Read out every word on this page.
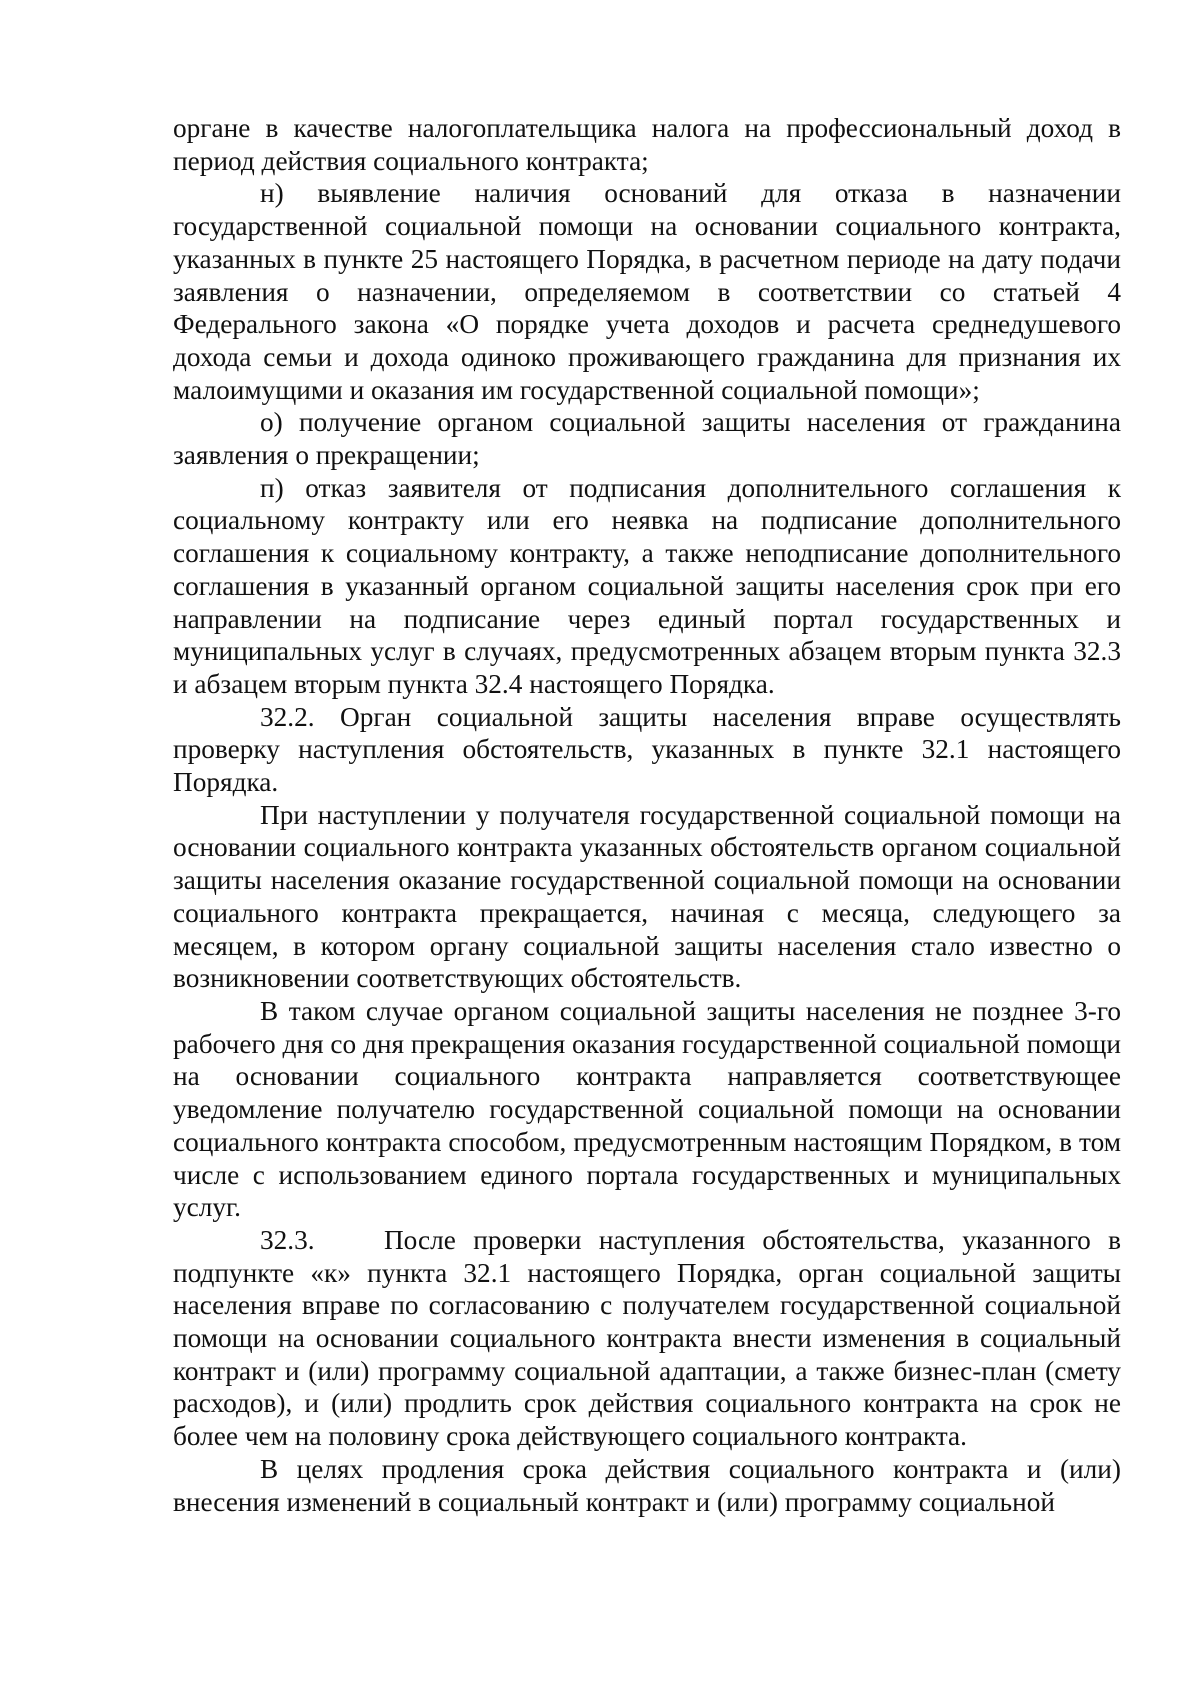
органе в качестве налогоплательщика налога на профессиональный доход в период действия социального контракта;

н) выявление наличия оснований для отказа в назначении государственной социальной помощи на основании социального контракта, указанных в пункте 25 настоящего Порядка, в расчетном периоде на дату подачи заявления о назначении, определяемом в соответствии со статьей 4 Федерального закона «О порядке учета доходов и расчета среднедушевого дохода семьи и дохода одиноко проживающего гражданина для признания их малоимущими и оказания им государственной социальной помощи»;

о) получение органом социальной защиты населения от гражданина заявления о прекращении;

п) отказ заявителя от подписания дополнительного соглашения к социальному контракту или его неявка на подписание дополнительного соглашения к социальному контракту, а также неподписание дополнительного соглашения в указанный органом социальной защиты населения срок при его направлении на подписание через единый портал государственных и муниципальных услуг в случаях, предусмотренных абзацем вторым пункта 32.3 и абзацем вторым пункта 32.4 настоящего Порядка.

32.2. Орган социальной защиты населения вправе осуществлять проверку наступления обстоятельств, указанных в пункте 32.1 настоящего Порядка.

При наступлении у получателя государственной социальной помощи на основании социального контракта указанных обстоятельств органом социальной защиты населения оказание государственной социальной помощи на основании социального контракта прекращается, начиная с месяца, следующего за месяцем, в котором органу социальной защиты населения стало известно о возникновении соответствующих обстоятельств.

В таком случае органом социальной защиты населения не позднее 3-го рабочего дня со дня прекращения оказания государственной социальной помощи на основании социального контракта направляется соответствующее уведомление получателю государственной социальной помощи на основании социального контракта способом, предусмотренным настоящим Порядком, в том числе с использованием единого портала государственных и муниципальных услуг.

32.3.    После проверки наступления обстоятельства, указанного в подпункте «к» пункта 32.1 настоящего Порядка, орган социальной защиты населения вправе по согласованию с получателем государственной социальной помощи на основании социального контракта внести изменения в социальный контракт и (или) программу социальной адаптации, а также бизнес-план (смету расходов), и (или) продлить срок действия социального контракта на срок не более чем на половину срока действующего социального контракта.

В целях продления срока действия социального контракта и (или) внесения изменений в социальный контракт и (или) программу социальной
